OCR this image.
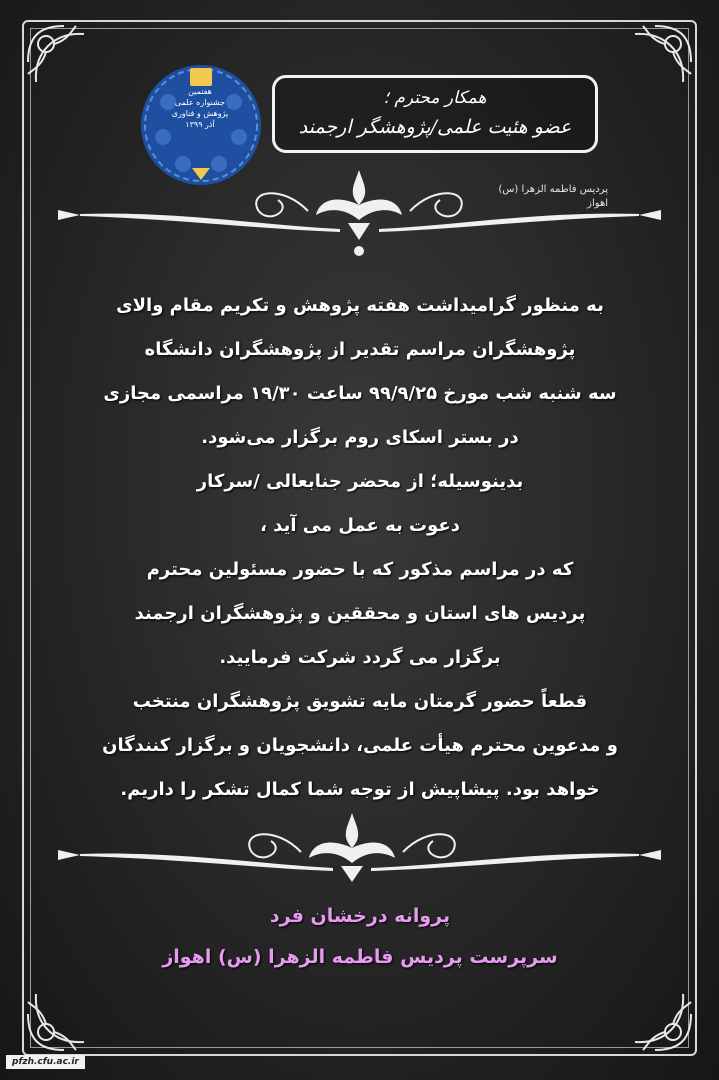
هفتمین
جشنواره علمی
پژوهش و فناوری
آذر ۱۳۹۹
همکار محترم ؛
عضو هئیت علمی/پژوهشگر ارجمند
پردیس فاطمه الزهرا (س)
اهواز
به منظور گرامیداشت هفته پژوهش و تکریم مقام والای
پژوهشگران مراسم تقدیر از پژوهشگران دانشگاه
سه شنبه شب مورخ ۹۹/۹/۲۵ ساعت ۱۹/۳۰ مراسمی مجازی
در بستر اسکای روم برگزار می‌شود.
بدینوسیله؛ از محضر جنابعالی /سرکار
دعوت به عمل می آید ،
که در مراسم مذکور که با حضور مسئولین محترم
پردیس های استان و محققین و پژوهشگران ارجمند
برگزار می گردد شرکت فرمایید.
قطعاً حضور گرمتان مایه تشویق پژوهشگران منتخب
و مدعوین محترم هیأت علمی، دانشجویان و برگزار کنندگان
خواهد بود. پیشاپیش از توجه شما کمال تشکر را داریم.
پروانه درخشان فرد
سرپرست پردیس فاطمه الزهرا (س) اهواز
pfzh.cfu.ac.ir
